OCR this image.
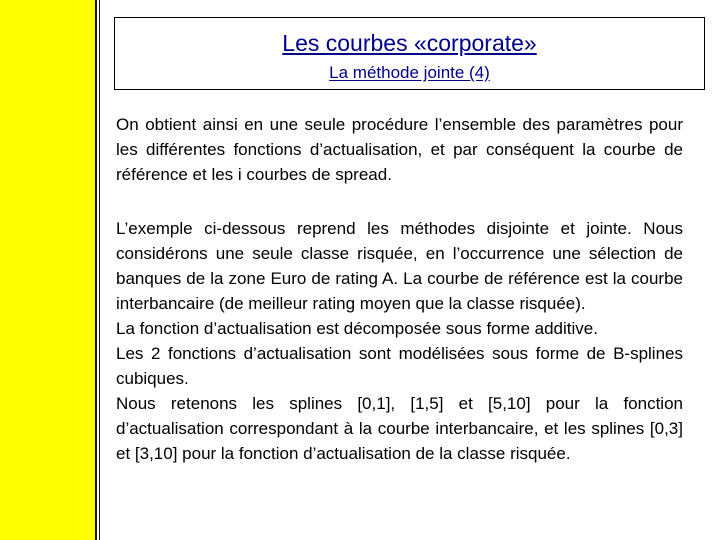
Les courbes «corporate»
La méthode jointe (4)

On obtient ainsi en une seule procédure l’ensemble des paramètres pour les différentes fonctions d’actualisation, et par conséquent la courbe de référence et les i courbes de spread.

L’exemple ci-dessous reprend les méthodes disjointe et jointe. Nous considérons une seule classe risquée, en l’occurrence une sélection de banques de la zone Euro de rating A. La courbe de référence est la courbe interbancaire (de meilleur rating moyen que la classe risquée).

La fonction d’actualisation est décomposée sous forme additive.

Les 2 fonctions d’actualisation sont modélisées sous forme de B-splines cubiques.

Nous retenons les splines [0,1], [1,5] et [5,10] pour la fonction d’actualisation correspondant à la courbe interbancaire, et les splines [0,3] et [3,10] pour la fonction d’actualisation de la classe risquée.
